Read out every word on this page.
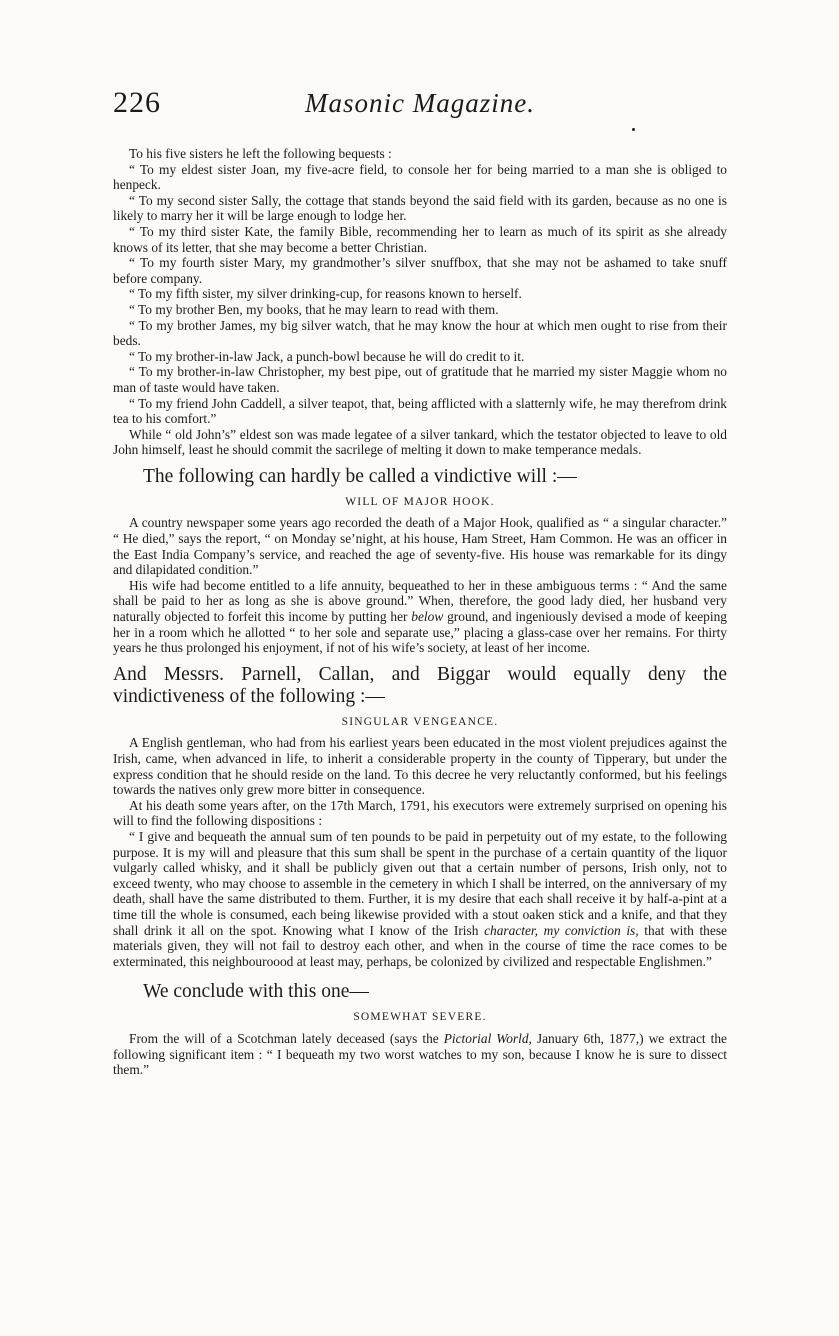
226	Masonic Magazine.

To his five sisters he left the following bequests :

“ To my eldest sister Joan, my five-acre field, to console her for being married to a man she is obliged to henpeck.

“ To my second sister Sally, the cottage that stands beyond the said field with its garden, because as no one is likely to marry her it will be large enough to lodge her.

“ To my third sister Kate, the family Bible, recommending her to learn as much of its spirit as she already knows of its letter, that she may become a better Christian.

“ To my fourth sister Mary, my grandmother’s silver snuffbox, that she may not be ashamed to take snuff before company.

“ To my fifth sister, my silver drinking-cup, for reasons known to herself.

“ To my brother Ben, my books, that he may learn to read with them.

“ To my brother James, my big silver watch, that he may know the hour at which men ought to rise from their beds.

“ To my brother-in-law Jack, a punch-bowl because he will do credit to it.

“ To my brother-in-law Christopher, my best pipe, out of gratitude that he married my sister Maggie whom no man of taste would have taken.

“ To my friend John Caddell, a silver teapot, that, being afflicted with a slatternly wife, he may therefrom drink tea to his comfort.”

While “ old John’s” eldest son was made legatee of a silver tankard, which the testator objected to leave to old John himself, least he should commit the sacrilege of melting it down to make temperance medals.

The following can hardly be called a vindictive will :—

WILL OF MAJOR HOOK.

A country newspaper some years ago recorded the death of a Major Hook, qualified as “ a singular character.” “ He died,” says the report, “ on Monday se’night, at his house, Ham Street, Ham Common. He was an officer in the East India Company’s service, and reached the age of seventy-five. His house was remarkable for its dingy and dilapidated condition.”

His wife had become entitled to a life annuity, bequeathed to her in these ambiguous terms : “ And the same shall be paid to her as long as she is above ground.” When, therefore, the good lady died, her husband very naturally objected to forfeit this income by putting her below ground, and ingeniously devised a mode of keeping her in a room which he allotted “ to her sole and separate use,” placing a glass-case over her remains. For thirty years he thus prolonged his enjoyment, if not of his wife’s society, at least of her income.

And Messrs. Parnell, Callan, and Biggar would equally deny the vindictiveness of the following :—

SINGULAR VENGEANCE.

A English gentleman, who had from his earliest years been educated in the most violent prejudices against the Irish, came, when advanced in life, to inherit a considerable property in the county of Tipperary, but under the express condition that he should reside on the land. To this decree he very reluctantly conformed, but his feelings towards the natives only grew more bitter in consequence.

At his death some years after, on the 17th March, 1791, his executors were extremely surprised on opening his will to find the following dispositions :

“ I give and bequeath the annual sum of ten pounds to be paid in perpetuity out of my estate, to the following purpose. It is my will and pleasure that this sum shall be spent in the purchase of a certain quantity of the liquor vulgarly called whisky, and it shall be publicly given out that a certain number of persons, Irish only, not to exceed twenty, who may choose to assemble in the cemetery in which I shall be interred, on the anniversary of my death, shall have the same distributed to them. Further, it is my desire that each shall receive it by half-a-pint at a time till the whole is consumed, each being likewise provided with a stout oaken stick and a knife, and that they shall drink it all on the spot. Knowing what I know of the Irish character, my conviction is, that with these materials given, they will not fail to destroy each other, and when in the course of time the race comes to be exterminated, this neighbouroood at least may, perhaps, be colonized by civilized and respectable Englishmen.”

We conclude with this one—

SOMEWHAT SEVERE.

From the will of a Scotchman lately deceased (says the Pictorial World, January 6th, 1877,) we extract the following significant item : “ I bequeath my two worst watches to my son, because I know he is sure to dissect them.”
